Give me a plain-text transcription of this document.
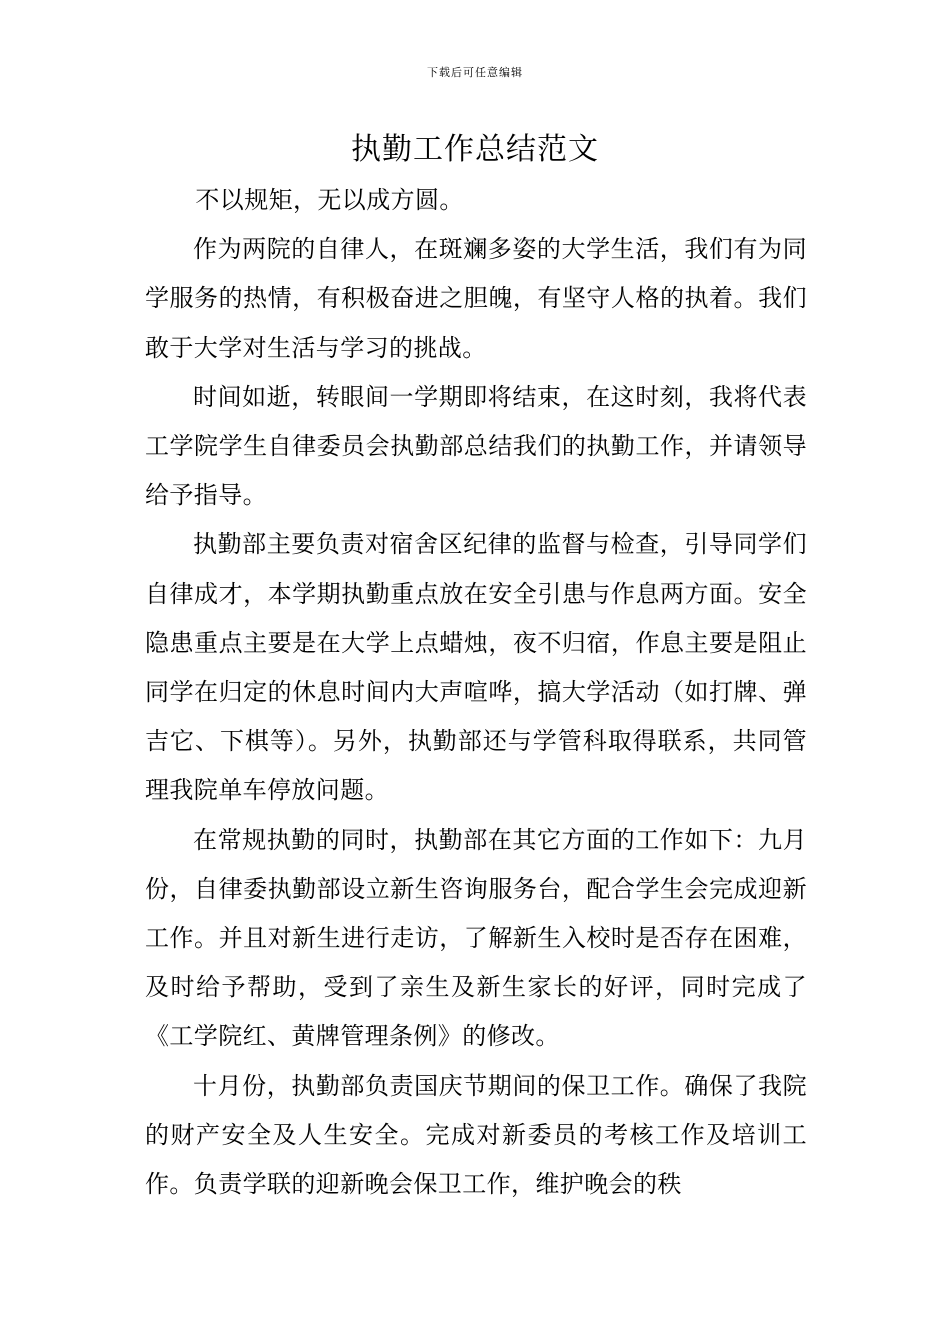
下载后可任意编辑
执勤工作总结范文

不以规矩，无以成方圆。

作为两院的自律人，在斑斓多姿的大学生活，我们有为同学服务的热情，有积极奋进之胆魄，有坚守人格的执着。我们敢于大学对生活与学习的挑战。

时间如逝，转眼间一学期即将结束，在这时刻，我将代表工学院学生自律委员会执勤部总结我们的执勤工作，并请领导给予指导。

执勤部主要负责对宿舍区纪律的监督与检查，引导同学们自律成才，本学期执勤重点放在安全引患与作息两方面。安全隐患重点主要是在大学上点蜡烛，夜不归宿，作息主要是阻止同学在归定的休息时间内大声喧哗，搞大学活动（如打牌、弹吉它、下棋等）。另外，执勤部还与学管科取得联系，共同管理我院单车停放问题。

在常规执勤的同时，执勤部在其它方面的工作如下：九月份，自律委执勤部设立新生咨询服务台，配合学生会完成迎新工作。并且对新生进行走访，了解新生入校时是否存在困难，及时给予帮助，受到了亲生及新生家长的好评，同时完成了《工学院红、黄牌管理条例》的修改。

十月份，执勤部负责国庆节期间的保卫工作。确保了我院的财产安全及人生安全。完成对新委员的考核工作及培训工作。负责学联的迎新晚会保卫工作，维护晚会的秩
